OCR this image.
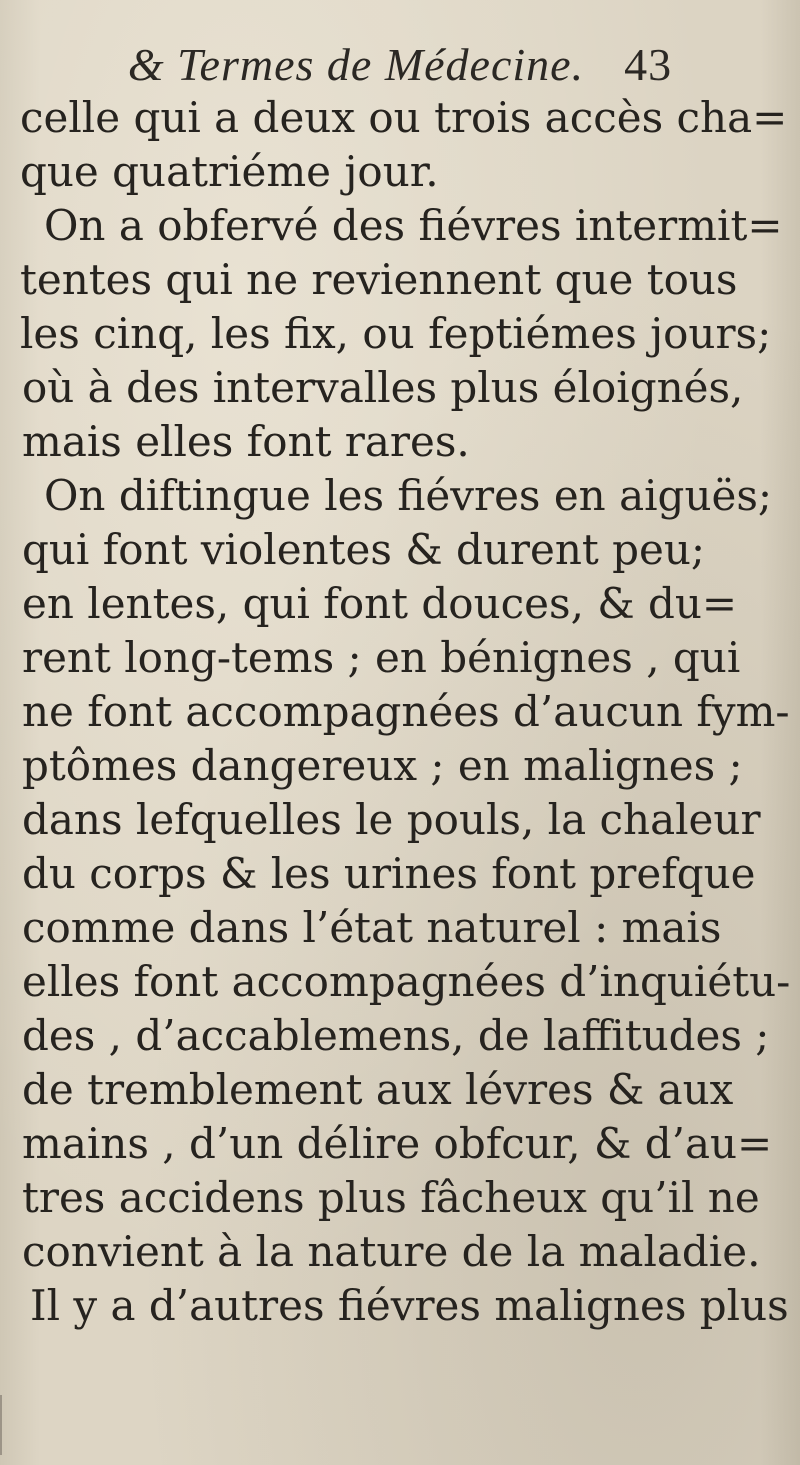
& Termes de Médecine. 43
celle qui a deux ou trois accès cha=
que quatriéme jour.
On a obfervé des fiévres intermit=
tentes qui ne reviennent que tous
les cinq, les fix, ou feptiémes jours;
où à des intervalles plus éloignés,
mais elles font rares.
On diftingue les fiévres en aiguës;
qui font violentes & durent peu;
en lentes, qui font douces, & du=
rent long-tems ; en bénignes , qui
ne font accompagnées d’aucun fym-
ptômes dangereux ; en malignes ;
dans lefquelles le pouls, la chaleur
du corps & les urines font prefque
comme dans l’état naturel : mais
elles font accompagnées d’inquiétu-
des , d’accablemens, de laffitudes ;
de tremblement aux lévres & aux
mains , d’un délire obfcur, & d’au=
tres accidens plus fâcheux qu’il ne
convient à la nature de la maladie.
Il y a d’autres fiévres malignes plus
